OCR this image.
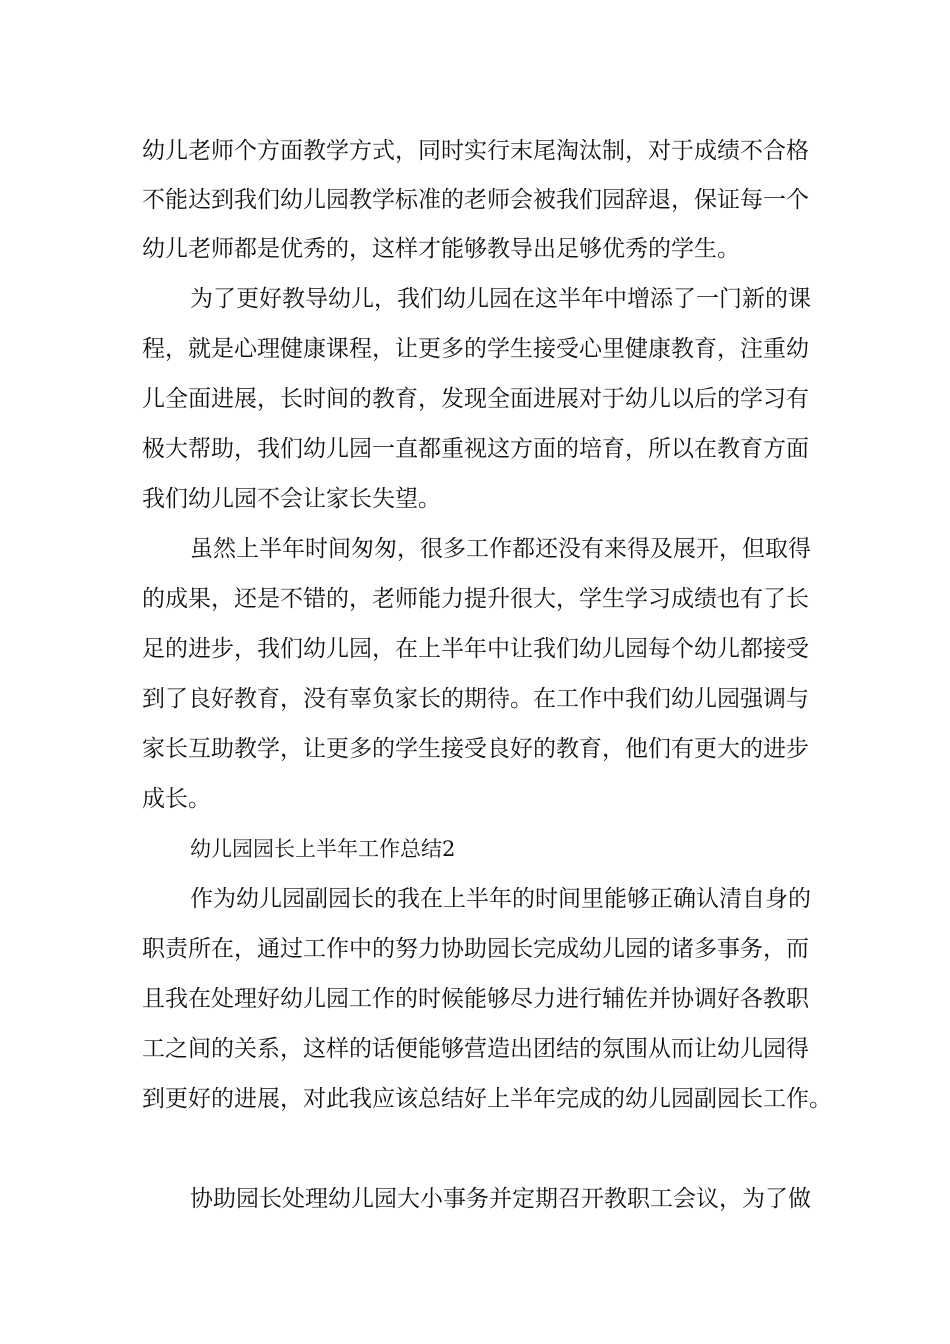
幼儿老师个方面教学方式，同时实行末尾淘汰制，对于成绩不合格

不能达到我们幼儿园教学标准的老师会被我们园辞退，保证每一个

幼儿老师都是优秀的，这样才能够教导出足够优秀的学生。

为了更好教导幼儿，我们幼儿园在这半年中增添了一门新的课

程，就是心理健康课程，让更多的学生接受心里健康教育，注重幼

儿全面进展，长时间的教育，发现全面进展对于幼儿以后的学习有

极大帮助，我们幼儿园一直都重视这方面的培育，所以在教育方面

我们幼儿园不会让家长失望。

虽然上半年时间匆匆，很多工作都还没有来得及展开，但取得

的成果，还是不错的，老师能力提升很大，学生学习成绩也有了长

足的进步，我们幼儿园，在上半年中让我们幼儿园每个幼儿都接受

到了良好教育，没有辜负家长的期待。在工作中我们幼儿园强调与

家长互助教学，让更多的学生接受良好的教育，他们有更大的进步

成长。

幼儿园园长上半年工作总结2

作为幼儿园副园长的我在上半年的时间里能够正确认清自身的

职责所在，通过工作中的努力协助园长完成幼儿园的诸多事务，而

且我在处理好幼儿园工作的时候能够尽力进行辅佐并协调好各教职

工之间的关系，这样的话便能够营造出团结的氛围从而让幼儿园得

到更好的进展，对此我应该总结好上半年完成的幼儿园副园长工作。

协助园长处理幼儿园大小事务并定期召开教职工会议，为了做
